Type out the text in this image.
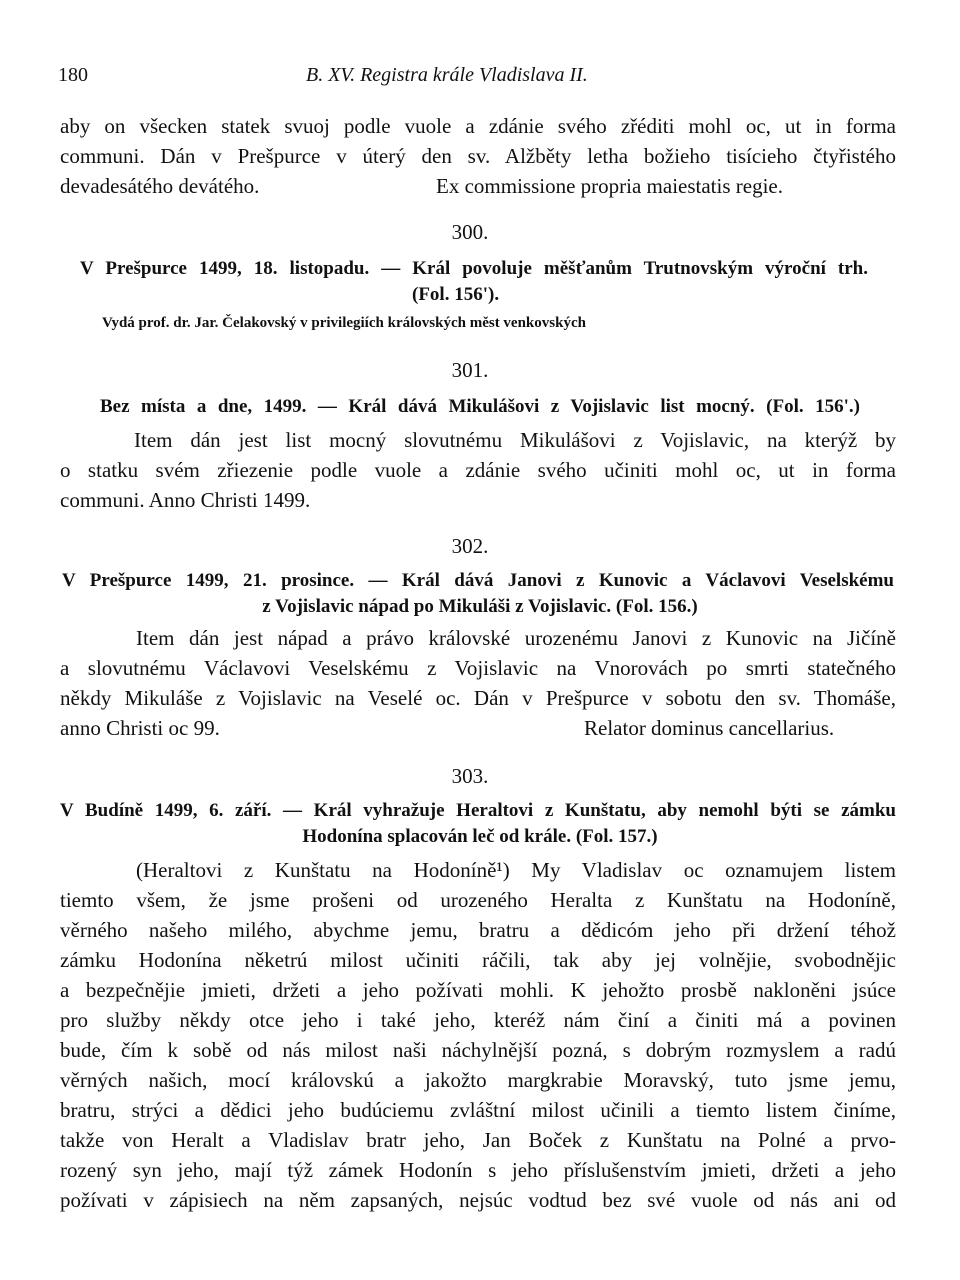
180	B. XV. Registra krále Vladislava II.
aby on všecken statek svuoj podle vuole a zdánie svého zřéditi mohl oc, ut in forma
communi. Dán v Prešpurce v úterý den sv. Alžběty letha božieho tisícieho čtyřistého
devadesátého devátého.	Ex commissione propria maiestatis regie.
300.
V Prešpurce 1499, 18. listopadu. — Král povoluje měšťanům Trutnovským výroční trh.
(Fol. 156').
Vydá prof. dr. Jar. Čelakovský v privilegiích královských měst venkovských
301.
Bez místa a dne, 1499. — Král dává Mikulášovi z Vojislavic list mocný. (Fol. 156'.)
Item dán jest list mocný slovutnému Mikulášovi z Vojislavic, na kterýž by
o statku svém zřiezenie podle vuole a zdánie svého učiniti mohl oc, ut in forma
communi. Anno Christi 1499.
302.
V Prešpurce 1499, 21. prosince. — Král dává Janovi z Kunovic a Václavovi Veselskému
z Vojislavic nápad po Mikuláši z Vojislavic. (Fol. 156.)
Item dán jest nápad a právo královské urozenému Janovi z Kunovic na Jičíně
a slovutnému Václavovi Veselskému z Vojislavic na Vnorovách po smrti statečného
někdy Mikuláše z Vojislavic na Veselé oc. Dán v Prešpurce v sobotu den sv. Thomáše,
anno Christi oc 99.	Relator dominus cancellarius.
303.
V Budíně 1499, 6. září. — Král vyhražuje Heraltovi z Kunštatu, aby nemohl býti se zámku
Hodonína splacován leč od krále. (Fol. 157.)
(Heraltovi z Kunštatu na Hodoníně¹) My Vladislav oc oznamujem listem
tiemto všem, že jsme prošeni od urozeného Heralta z Kunštatu na Hodoníně,
věrného našeho milého, abychme jemu, bratru a dědicóm jeho při držení téhož
zámku Hodonína něketrú milost učiniti ráčili, tak aby jej volnějie, svobodnějic
a bezpečnějie jmieti, držeti a jeho požívati mohli. K jehožto prosbě nakloněni jsúce
pro služby někdy otce jeho i také jeho, kteréž nám činí a činiti má a povinen
bude, čím k sobě od nás milost naši náchylnější pozná, s dobrým rozmyslem a radú
věrných našich, mocí královskú a jakožto margkrabie Moravský, tuto jsme jemu,
bratru, strýci a dědici jeho budúciemu zvláštní milost učinili a tiemto listem činíme,
takže von Heralt a Vladislav bratr jeho, Jan Boček z Kunštatu na Polné a prvo-
rozený syn jeho, mají týž zámek Hodonín s jeho příslušenstvím jmieti, držeti a jeho
požívati v zápisiech na něm zapsaných, nejsúc vodtud bez své vuole od nás ani od
